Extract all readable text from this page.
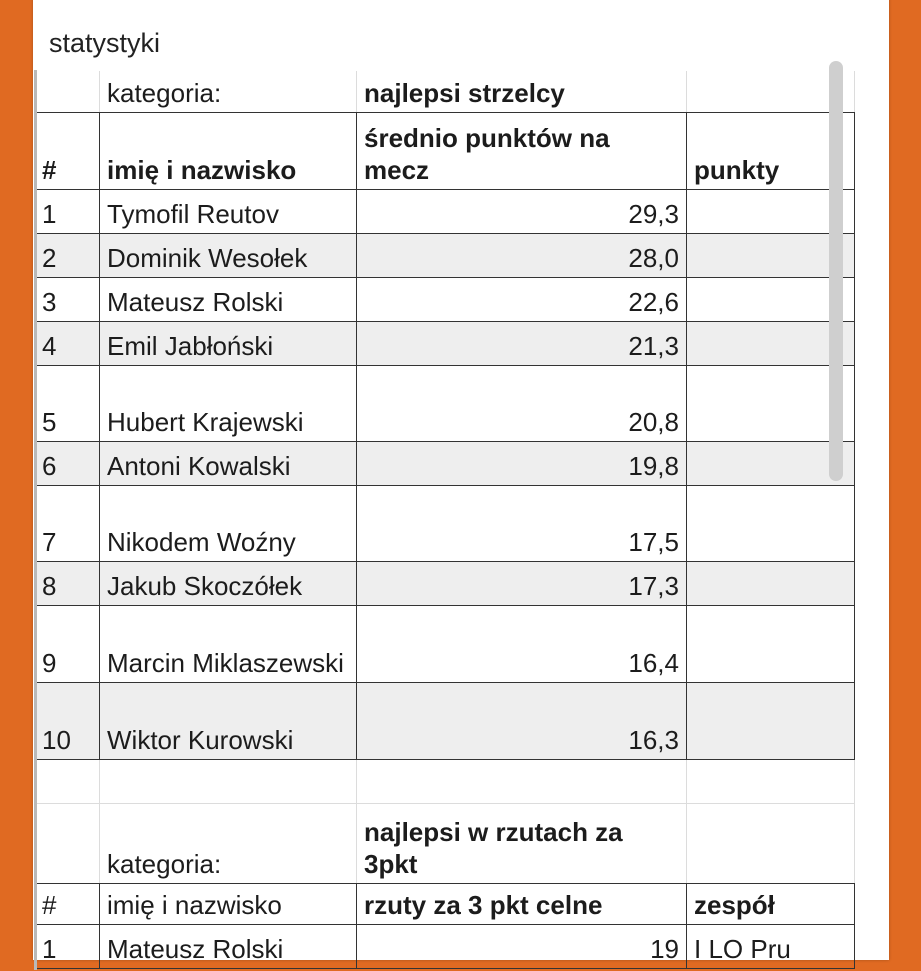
statystyki
	kategoria:	najlepsi strzelcy	
#	imię i nazwisko	średnio punktów na mecz	punkty
1	Tymofil Reutov	29,3	
2	Dominik Wesołek	28,0	
3	Mateusz Rolski	22,6	
4	Emil Jabłoński	21,3	
5	Hubert Krajewski	20,8	
6	Antoni Kowalski	19,8	
7	Nikodem Woźny	17,5	
8	Jakub Skoczółek	17,3	
9	Marcin Miklaszewski	16,4	
10	Wiktor Kurowski	16,3	

	kategoria:	najlepsi w rzutach za 3pkt	
#	imię i nazwisko	rzuty za 3 pkt celne	zespół
1	Mateusz Rolski	19	I LO Pru
